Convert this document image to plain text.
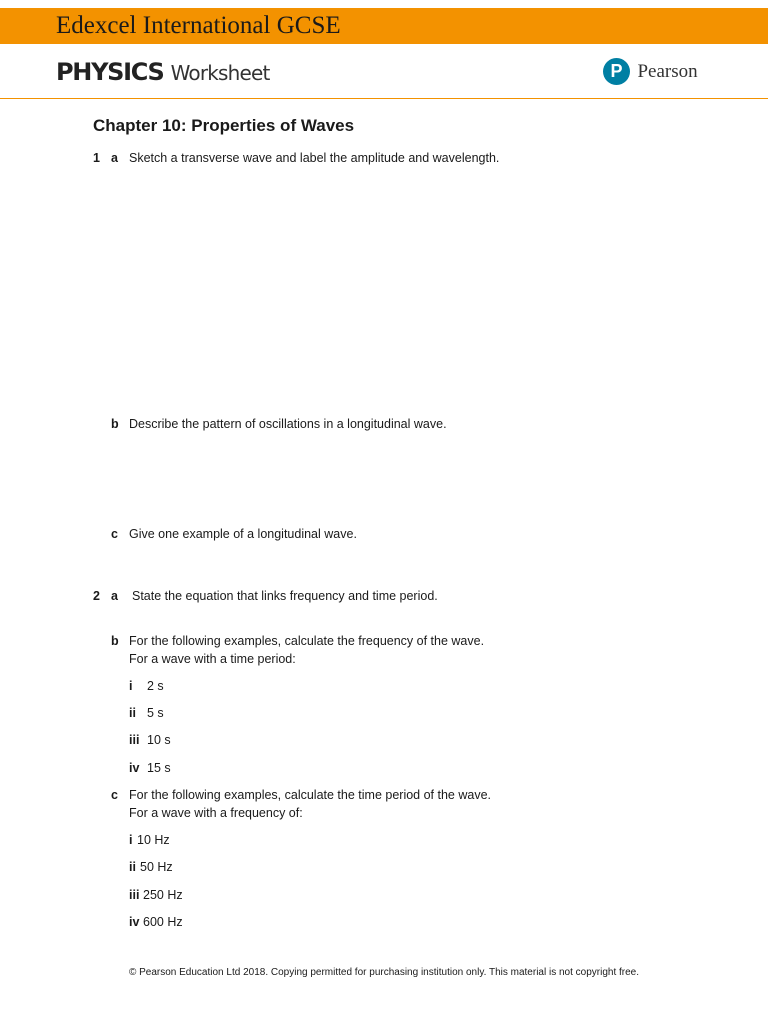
Edexcel International GCSE
PHYSICS Worksheet	P Pearson
Chapter 10: Properties of Waves
1 a Sketch a transverse wave and label the amplitude and wavelength.
b Describe the pattern of oscillations in a longitudinal wave.
c Give one example of a longitudinal wave.
2 a State the equation that links frequency and time period.
b For the following examples, calculate the frequency of the wave.
For a wave with a time period:
i 2 s
ii 5 s
iii 10 s
iv 15 s
c For the following examples, calculate the time period of the wave.
For a wave with a frequency of:
i 10 Hz
ii 50 Hz
iii 250 Hz
iv 600 Hz
© Pearson Education Ltd 2018. Copying permitted for purchasing institution only. This material is not copyright free.
